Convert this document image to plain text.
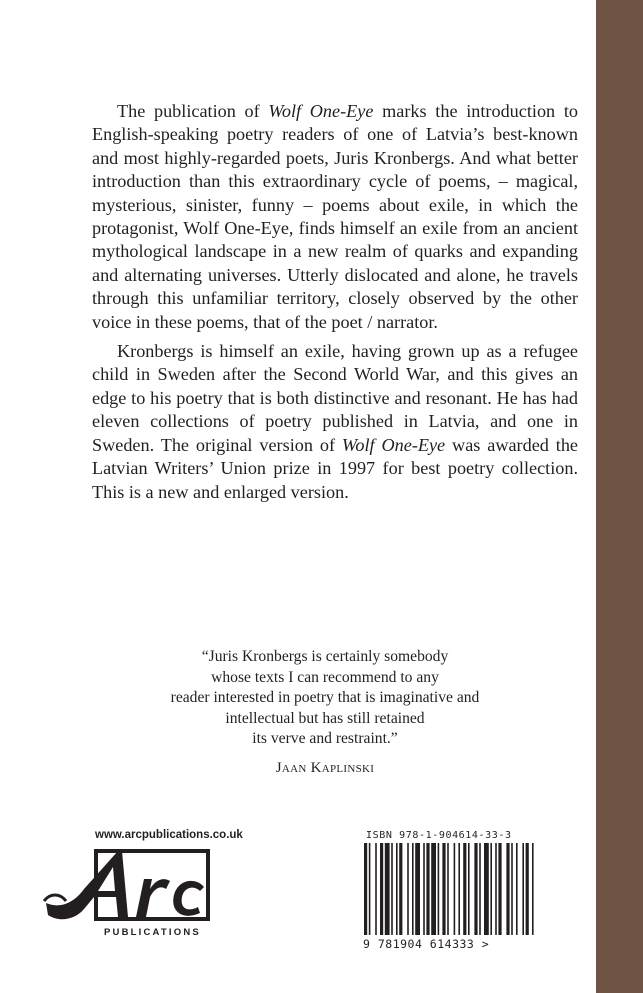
The publication of Wolf One-Eye marks the introduction to English-speaking poetry readers of one of Latvia’s best-known and most highly-regarded poets, Juris Kronbergs. And what better introduction than this extraordinary cycle of poems, – magical, mysterious, sinister, funny – poems about exile, in which the protagonist, Wolf One-Eye, finds himself an exile from an ancient mythological landscape in a new realm of quarks and expanding and alternating universes. Utterly dislocated and alone, he travels through this unfamiliar territory, closely observed by the other voice in these poems, that of the poet / narrator.

Kronbergs is himself an exile, having grown up as a refugee child in Sweden after the Second World War, and this gives an edge to his poetry that is both distinctive and resonant. He has had eleven collections of poetry published in Latvia, and one in Sweden. The original version of Wolf One-Eye was awarded the Latvian Writers’ Union prize in 1997 for best poetry collection. This is a new and enlarged version.

“Juris Kronbergs is certainly somebody
whose texts I can recommend to any
reader interested in poetry that is imaginative and
intellectual but has still retained
its verve and restraint.”
Jaan Kaplinski
www.arcpublications.co.uk
PUBLICATIONS
ISBN 978-1-904614-33-3
9 781904 614333 >
